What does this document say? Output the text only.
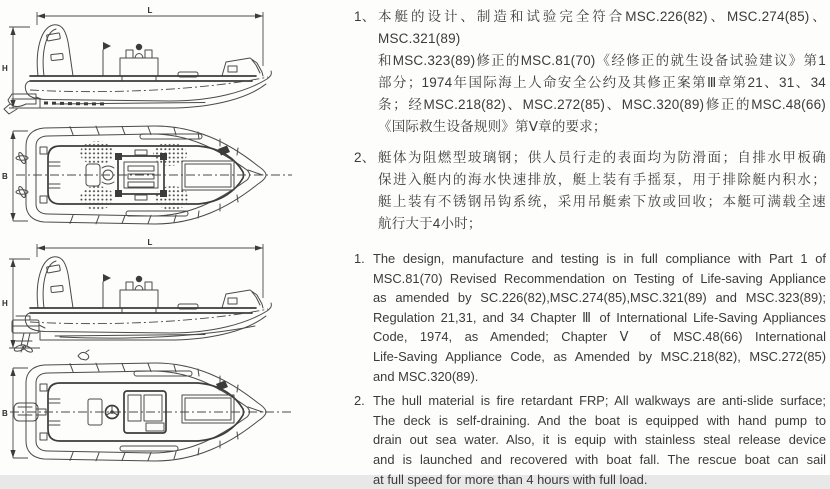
L
H
B
L
H
B
1、 本艇的设计、制造和试验完全符合MSC.226(82)、MSC.274(85)、MSC.321(89)
和MSC.323(89)修正的MSC.81(70)《经修正的就生设备试验建议》第1
部分；1974年国际海上人命安全公约及其修正案第Ⅲ章第21、31、34
条；经MSC.218(82)、MSC.272(85)、MSC.320(89)修正的MSC.48(66)
《国际救生设备规则》第Ⅴ章的要求；
2、 艇体为阻燃型玻璃钢；供人员行走的表面均为防滑面；自排水甲板确
保进入艇内的海水快速排放，艇上装有手摇泵，用于排除艇内积水；
艇上装有不锈钢吊钩系统，采用吊艇索下放或回收；本艇可满载全速
航行大于4小时；
1. The design, manufacture and testing is in full compliance with Part 1 of
MSC.81(70) Revised Recommendation on Testing of Life-saving Appliance
as amended by SC.226(82),MSC.274(85),MSC.321(89) and MSC.323(89);
Regulation 21,31, and 34 Chapter Ⅲ of International Life-Saving Appliances
Code, 1974, as Amended; Chapter Ⅴ of MSC.48(66) International
Life-Saving Appliance Code, as Amended by MSC.218(82), MSC.272(85)
and MSC.320(89).
2. The hull material is fire retardant FRP; All walkways are anti-slide surface;
The deck is self-draining. And the boat is equipped with hand pump to
drain out sea water. Also, it is equip with stainless steal release device
and is launched and recovered with boat fall. The rescue boat can sail
at full speed for more than 4 hours with full load.
